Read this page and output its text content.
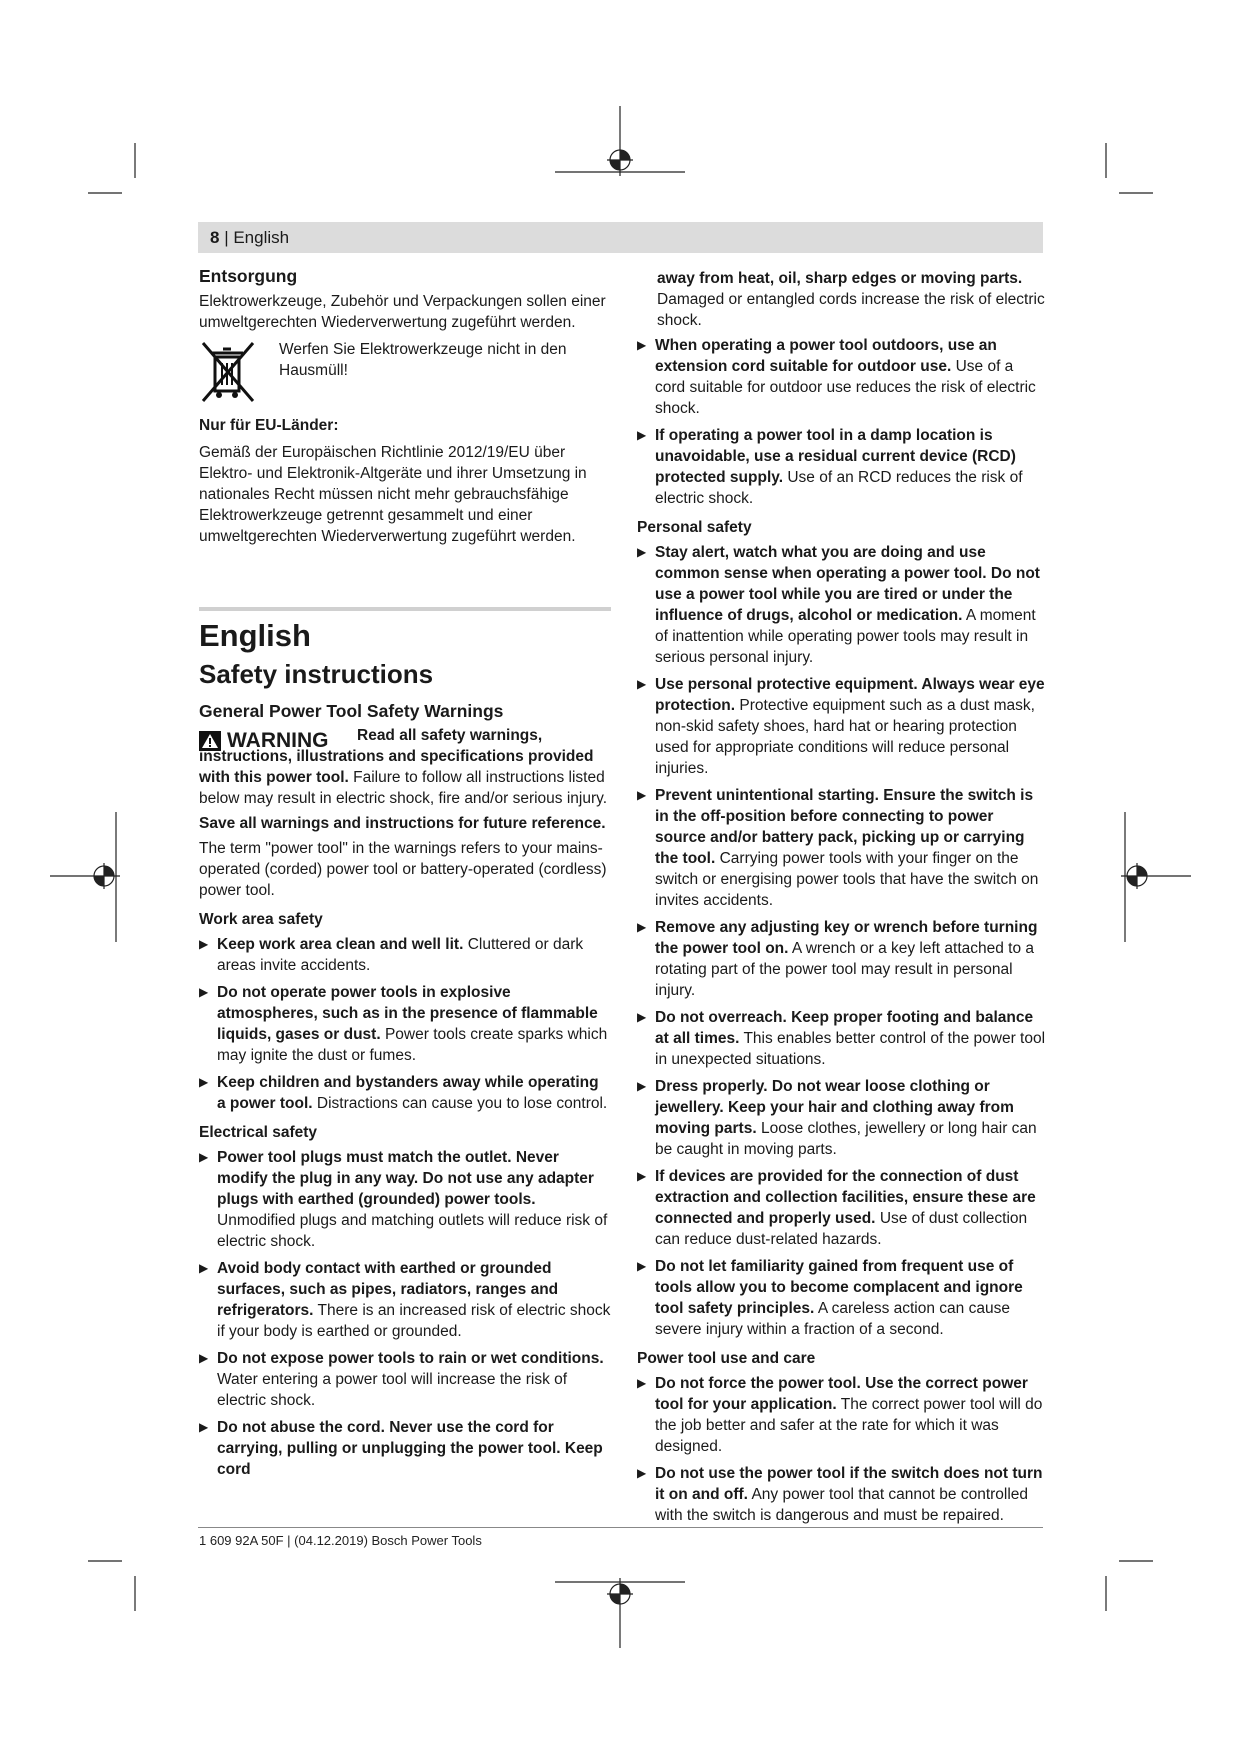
8 | English
Entsorgung

Elektrowerkzeuge, Zubehör und Verpackungen sollen einer umweltgerechten Wiederverwertung zugeführt werden.

Werfen Sie Elektrowerkzeuge nicht in den Hausmüll!

Nur für EU-Länder:

Gemäß der Europäischen Richtlinie 2012/19/EU über Elektro- und Elektronik-Altgeräte und ihrer Umsetzung in nationales Recht müssen nicht mehr gebrauchsfähige Elektrowerkzeuge getrennt gesammelt und einer umweltgerechten Wiederverwertung zugeführt werden.

English
Safety instructions
General Power Tool Safety Warnings
WARNING	Read all safety warnings, instructions, illustrations and specifications provided with this power tool. Failure to follow all instructions listed below may result in electric shock, fire and/or serious injury.

Save all warnings and instructions for future reference.

The term "power tool" in the warnings refers to your mains-operated (corded) power tool or battery-operated (cordless) power tool.

Work area safety
▶ Keep work area clean and well lit. Cluttered or dark areas invite accidents.
▶ Do not operate power tools in explosive atmospheres, such as in the presence of flammable liquids, gases or dust. Power tools create sparks which may ignite the dust or fumes.
▶ Keep children and bystanders away while operating a power tool. Distractions can cause you to lose control.
Electrical safety
▶ Power tool plugs must match the outlet. Never modify the plug in any way. Do not use any adapter plugs with earthed (grounded) power tools. Unmodified plugs and matching outlets will reduce risk of electric shock.
▶ Avoid body contact with earthed or grounded surfaces, such as pipes, radiators, ranges and refrigerators. There is an increased risk of electric shock if your body is earthed or grounded.
▶ Do not expose power tools to rain or wet conditions. Water entering a power tool will increase the risk of electric shock.
▶ Do not abuse the cord. Never use the cord for carrying, pulling or unplugging the power tool. Keep cord

away from heat, oil, sharp edges or moving parts. Damaged or entangled cords increase the risk of electric shock.

▶ When operating a power tool outdoors, use an extension cord suitable for outdoor use. Use of a cord suitable for outdoor use reduces the risk of electric shock.
▶ If operating a power tool in a damp location is unavoidable, use a residual current device (RCD) protected supply. Use of an RCD reduces the risk of electric shock.
Personal safety
▶ Stay alert, watch what you are doing and use common sense when operating a power tool. Do not use a power tool while you are tired or under the influence of drugs, alcohol or medication. A moment of inattention while operating power tools may result in serious personal injury.
▶ Use personal protective equipment. Always wear eye protection. Protective equipment such as a dust mask, non-skid safety shoes, hard hat or hearing protection used for appropriate conditions will reduce personal injuries.
▶ Prevent unintentional starting. Ensure the switch is in the off-position before connecting to power source and/or battery pack, picking up or carrying the tool. Carrying power tools with your finger on the switch or energising power tools that have the switch on invites accidents.
▶ Remove any adjusting key or wrench before turning the power tool on. A wrench or a key left attached to a rotating part of the power tool may result in personal injury.
▶ Do not overreach. Keep proper footing and balance at all times. This enables better control of the power tool in unexpected situations.
▶ Dress properly. Do not wear loose clothing or jewellery. Keep your hair and clothing away from moving parts. Loose clothes, jewellery or long hair can be caught in moving parts.
▶ If devices are provided for the connection of dust extraction and collection facilities, ensure these are connected and properly used. Use of dust collection can reduce dust-related hazards.
▶ Do not let familiarity gained from frequent use of tools allow you to become complacent and ignore tool safety principles. A careless action can cause severe injury within a fraction of a second.
Power tool use and care
▶ Do not force the power tool. Use the correct power tool for your application. The correct power tool will do the job better and safer at the rate for which it was designed.
▶ Do not use the power tool if the switch does not turn it on and off. Any power tool that cannot be controlled with the switch is dangerous and must be repaired.
1 609 92A 50F | (04.12.2019) Bosch Power Tools
